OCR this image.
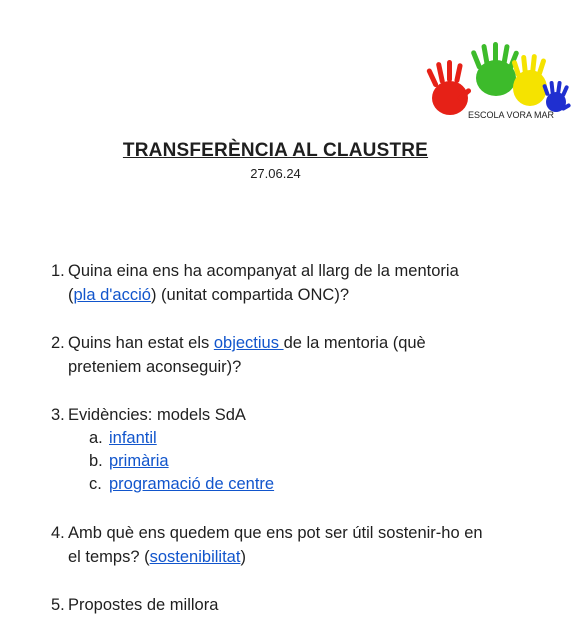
ESCOLA VORA MAR
TRANSFERÈNCIA AL CLAUSTRE
27.06.24
1. Quina eina ens ha acompanyat al llarg de la mentoria
(pla d'acció) (unitat compartida ONC)?
2. Quins han estat els objectius de la mentoria (què
preteniem aconseguir)?
3. Evidències: models SdA
a. infantil
b. primària
c. programació de centre
4. Amb què ens quedem que ens pot ser útil sostenir-ho en
el temps? (sostenibilitat)
5. Propostes de millora
